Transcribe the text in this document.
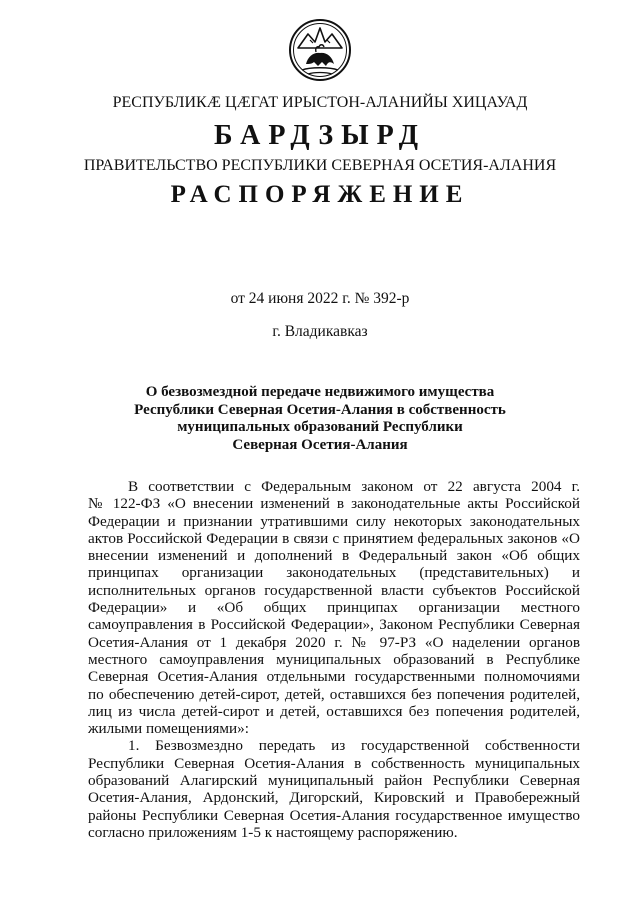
РЕСПУБЛИКӔ ЦӔГАТ ИРЫСТОН-АЛАНИЙЫ ХИЦАУАД
БАРДЗЫРД
ПРАВИТЕЛЬСТВО РЕСПУБЛИКИ СЕВЕРНАЯ ОСЕТИЯ-АЛАНИЯ
РАСПОРЯЖЕНИЕ
от 24 июня 2022 г. № 392-р
г. Владикавказ
О безвозмездной передаче недвижимого имущества
Республики Северная Осетия-Алания в собственность
муниципальных образований Республики
Северная Осетия-Алания
В соответствии с Федеральным законом от 22 августа 2004 г.
№ 122-ФЗ «О внесении изменений в законодательные акты Российской
Федерации и признании утратившими силу некоторых законодательных
актов Российской Федерации в связи с принятием федеральных законов «О
внесении изменений и дополнений в Федеральный закон «Об общих
принципах организации законодательных (представительных) и
исполнительных органов государственной власти субъектов Российской
Федерации» и «Об общих принципах организации местного
самоуправления в Российской Федерации», Законом Республики Северная
Осетия-Алания от 1 декабря 2020 г. № 97-РЗ «О наделении органов
местного самоуправления муниципальных образований в Республике
Северная Осетия-Алания отдельными государственными полномочиями
по обеспечению детей-сирот, детей, оставшихся без попечения родителей,
лиц из числа детей-сирот и детей, оставшихся без попечения родителей,
жилыми помещениями»:
1. Безвозмездно передать из государственной собственности
Республики Северная Осетия-Алания в собственность муниципальных
образований Алагирский муниципальный район Республики Северная
Осетия-Алания, Ардонский, Дигорский, Кировский и Правобережный
районы Республики Северная Осетия-Алания государственное имущество
согласно приложениям 1-5 к настоящему распоряжению.
